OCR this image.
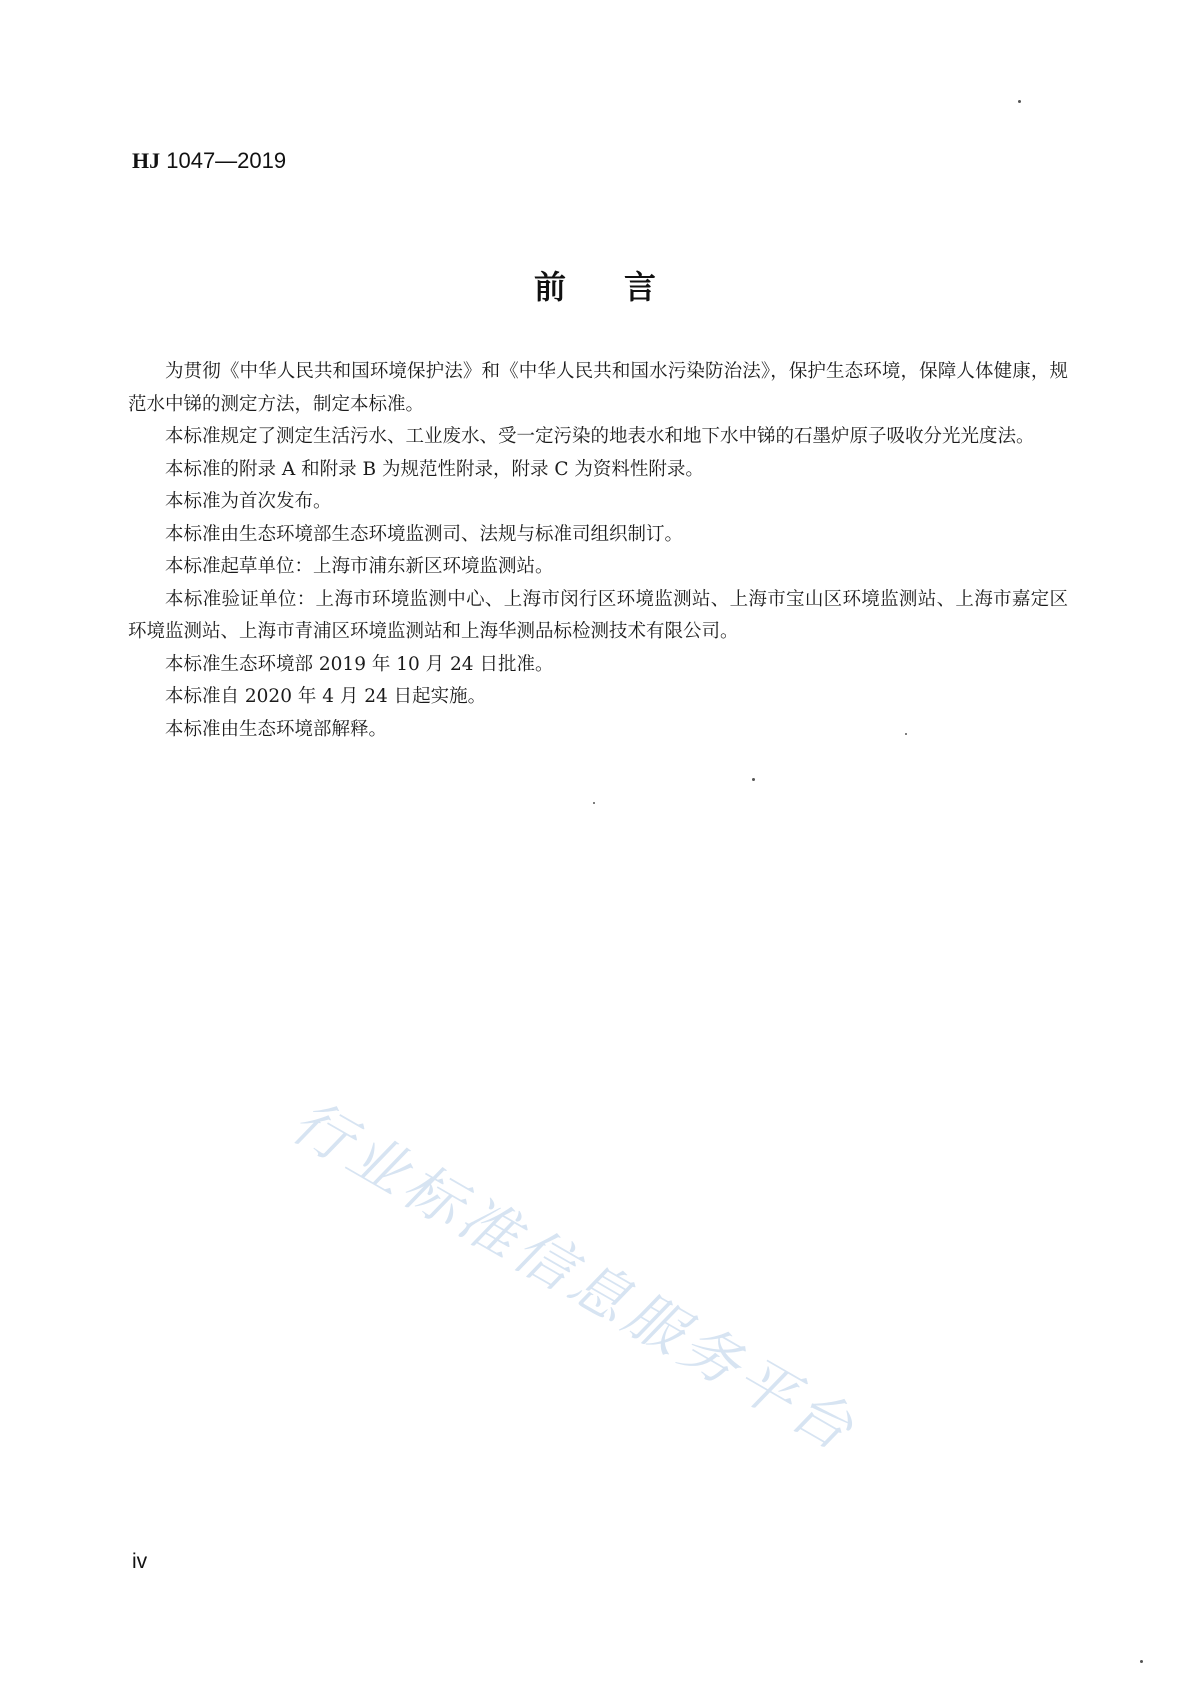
HJ 1047—2019
前言

为贯彻《中华人民共和国环境保护法》和《中华人民共和国水污染防治法》，保护生态环境，保障人体健康，规范水中锑的测定方法，制定本标准。

本标准规定了测定生活污水、工业废水、受一定污染的地表水和地下水中锑的石墨炉原子吸收分光光度法。

本标准的附录 A 和附录 B 为规范性附录，附录 C 为资料性附录。

本标准为首次发布。

本标准由生态环境部生态环境监测司、法规与标准司组织制订。

本标准起草单位：上海市浦东新区环境监测站。

本标准验证单位：上海市环境监测中心、上海市闵行区环境监测站、上海市宝山区环境监测站、上海市嘉定区环境监测站、上海市青浦区环境监测站和上海华测品标检测技术有限公司。

本标准生态环境部 2019 年 10 月 24 日批准。

本标准自 2020 年 4 月 24 日起实施。

本标准由生态环境部解释。

行业标准信息服务平台
iv
